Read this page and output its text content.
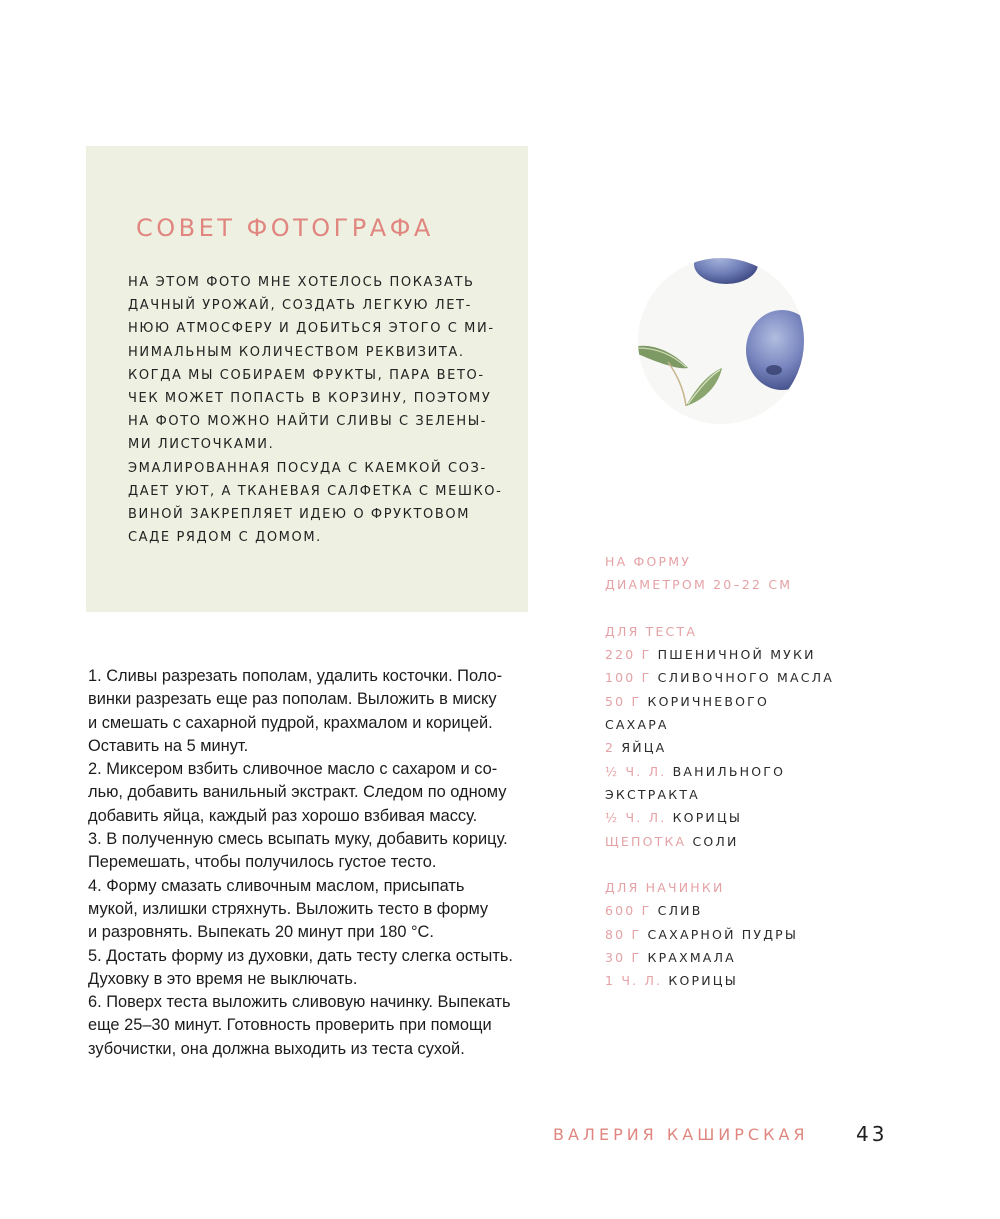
СОВЕТ ФОТОГРАФА
НА ЭТОМ ФОТО МНЕ ХОТЕЛОСЬ ПОКАЗАТЬ
ДАЧНЫЙ УРОЖАЙ, СОЗДАТЬ ЛЕГКУЮ ЛЕТ-
НЮЮ АТМОСФЕРУ И ДОБИТЬСЯ ЭТОГО С МИ-
НИМАЛЬНЫМ КОЛИЧЕСТВОМ РЕКВИЗИТА.
КОГДА МЫ СОБИРАЕМ ФРУКТЫ, ПАРА ВЕТО-
ЧЕК МОЖЕТ ПОПАСТЬ В КОРЗИНУ, ПОЭТОМУ
НА ФОТО МОЖНО НАЙТИ СЛИВЫ С ЗЕЛЕНЫ-
МИ ЛИСТОЧКАМИ.
ЭМАЛИРОВАННАЯ ПОСУДА С КАЕМКОЙ СОЗ-
ДАЕТ УЮТ, А ТКАНЕВАЯ САЛФЕТКА С МЕШКО-
ВИНОЙ ЗАКРЕПЛЯЕТ ИДЕЮ О ФРУКТОВОМ
САДЕ РЯДОМ С ДОМОМ.
НА ФОРМУ
ДИАМЕТРОМ 20–22 СМ
ДЛЯ ТЕСТА
220 Г ПШЕНИЧНОЙ МУКИ
100 Г СЛИВОЧНОГО МАСЛА
50 Г КОРИЧНЕВОГО
САХАРА
2 ЯЙЦА
½ Ч. Л. ВАНИЛЬНОГО
ЭКСТРАКТА
½ Ч. Л. КОРИЦЫ
ЩЕПОТКА СОЛИ
ДЛЯ НАЧИНКИ
600 Г СЛИВ
80 Г САХАРНОЙ ПУДРЫ
30 Г КРАХМАЛА
1 Ч. Л. КОРИЦЫ
1. Сливы разрезать пополам, удалить косточки. Поло-
винки разрезать еще раз пополам. Выложить в миску
и смешать с сахарной пудрой, крахмалом и корицей.
Оставить на 5 минут.
2. Миксером взбить сливочное масло с сахаром и со-
лью, добавить ванильный экстракт. Следом по одному
добавить яйца, каждый раз хорошо взбивая массу.
3. В полученную смесь всыпать муку, добавить корицу.
Перемешать, чтобы получилось густое тесто.
4. Форму смазать сливочным маслом, присыпать
мукой, излишки стряхнуть. Выложить тесто в форму
и разровнять. Выпекать 20 минут при 180 °С.
5. Достать форму из духовки, дать тесту слегка остыть.
Духовку в это время не выключать.
6. Поверх теста выложить сливовую начинку. Выпекать
еще 25–30 минут. Готовность проверить при помощи
зубочистки, она должна выходить из теста сухой.
ВАЛЕРИЯ КАШИРСКАЯ 43
